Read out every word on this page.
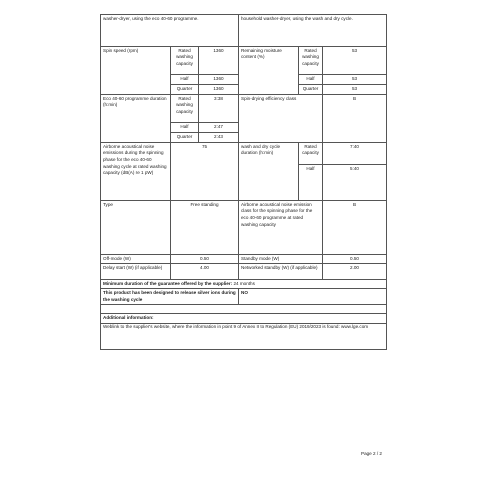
washer-dryer, using the eco 40-60 programme.			household washer-dryer, using the wash and dry cycle.		
Spin speed (rpm)	Rated washing capacity	1360	Remaining moisture content (%)	Rated washing capacity	53
	Half	1360		Half	53
	Quarter	1360		Quarter	53
Eco 40-60 programme duration (h:min)	Rated washing capacity	3:38	Spin-drying efficiency class		B
	Half	2:47			
	Quarter	2:43			
Airborne acoustical noise emissions during the spinning phase for the eco 40-60 washing cycle at rated washing capacity (dB(A) re 1 pW)	75		wash and dry cycle duration (h:min)	Rated capacity	7:40
				Half	5:40
Type	Free standing		Airborne acoustical noise emission class for the spinning phase for the eco 40-60 programme at rated washing capacity		B
Off-mode (W)	0.50		Standby mode (W)		0.50
Delay start (W) (if applicable)	4.00		Networked standby (W) (if applicable)		2.00
Minimum duration of the guarantee offered by the supplier: 24 months					
This product has been designed to release silver ions during the washing cycle			NO		

Additional information:					
Weblink to the supplier's website, where the information in point 9 of Annex II to Regulation (EU) 2019/2023 is found: www.lge.com					
Page 2 / 2
